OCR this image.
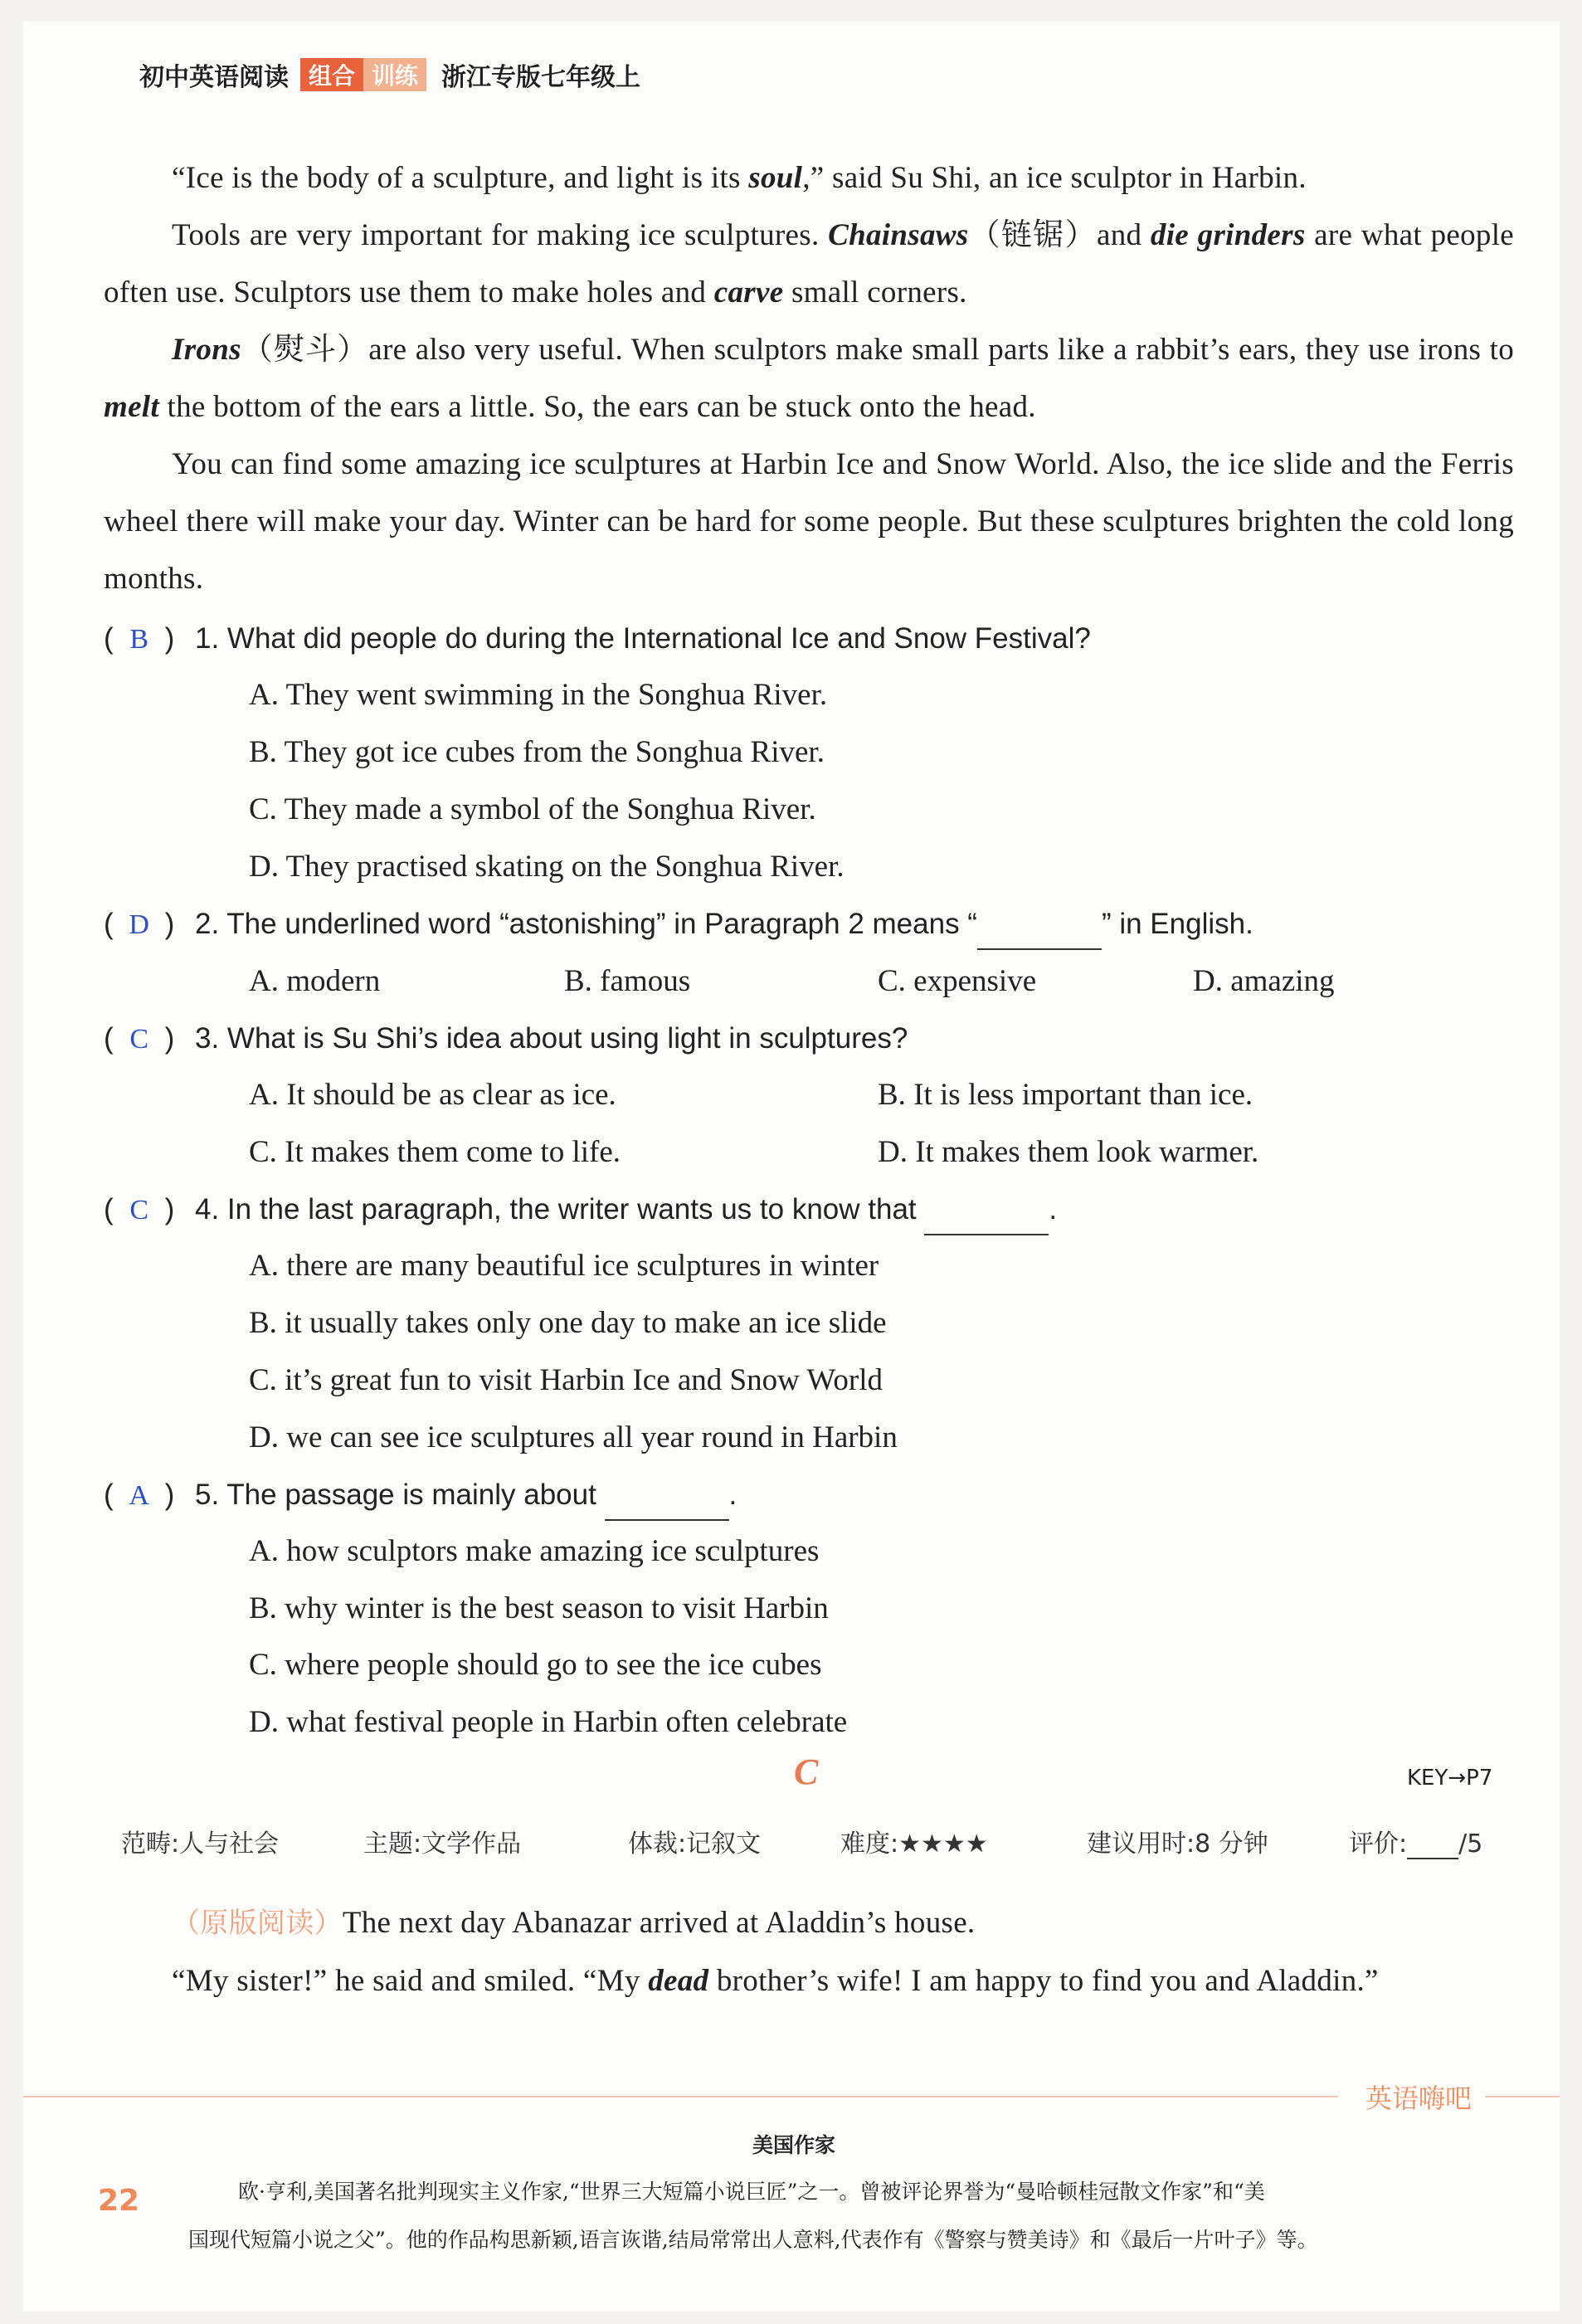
初中英语阅读 组合 训练 浙江专版七年级上

“Ice is the body of a sculpture, and light is its soul,” said Su Shi, an ice sculptor in Harbin.

Tools are very important for making ice sculptures. Chainsaws（链锯）and die grinders are what people often use. Sculptors use them to make holes and carve small corners.

Irons（熨斗）are also very useful. When sculptors make small parts like a rabbit’s ears, they use irons to melt the bottom of the ears a little. So, the ears can be stuck onto the head.

You can find some amazing ice sculptures at Harbin Ice and Snow World. Also, the ice slide and the Ferris wheel there will make your day. Winter can be hard for some people. But these sculptures brighten the cold long months.

( B ) 1. What did people do during the International Ice and Snow Festival?
A. They went swimming in the Songhua River.
B. They got ice cubes from the Songhua River.
C. They made a symbol of the Songhua River.
D. They practised skating on the Songhua River.
( D ) 2. The underlined word “astonishing” in Paragraph 2 means “	” in English.
A. modern	B. famous	C. expensive	D. amazing
( C ) 3. What is Su Shi’s idea about using light in sculptures?
A. It should be as clear as ice.	B. It is less important than ice.
C. It makes them come to life.	D. It makes them look warmer.
( C ) 4. In the last paragraph, the writer wants us to know that	.
A. there are many beautiful ice sculptures in winter
B. it usually takes only one day to make an ice slide
C. it’s great fun to visit Harbin Ice and Snow World
D. we can see ice sculptures all year round in Harbin
( A ) 5. The passage is mainly about	.
A. how sculptors make amazing ice sculptures
B. why winter is the best season to visit Harbin
C. where people should go to see the ice cubes
D. what festival people in Harbin often celebrate
C	KEY→P7
范畴:人与社会	主题:文学作品	体裁:记叙文	难度:★★★★	建议用时:8 分钟	评价: /5

（原版阅读）The next day Abanazar arrived at Aladdin’s house.

“My sister!” he said and smiled. “My dead brother’s wife! I am happy to find you and Aladdin.”

英语嗨吧
美国作家
22	欧·亨利,美国著名批判现实主义作家,“世界三大短篇小说巨匠”之一。曾被评论界誉为“曼哈顿桂冠散文作家”和“美

国现代短篇小说之父”。他的作品构思新颖,语言诙谐,结局常常出人意料,代表作有《警察与赞美诗》和《最后一片叶子》等。
